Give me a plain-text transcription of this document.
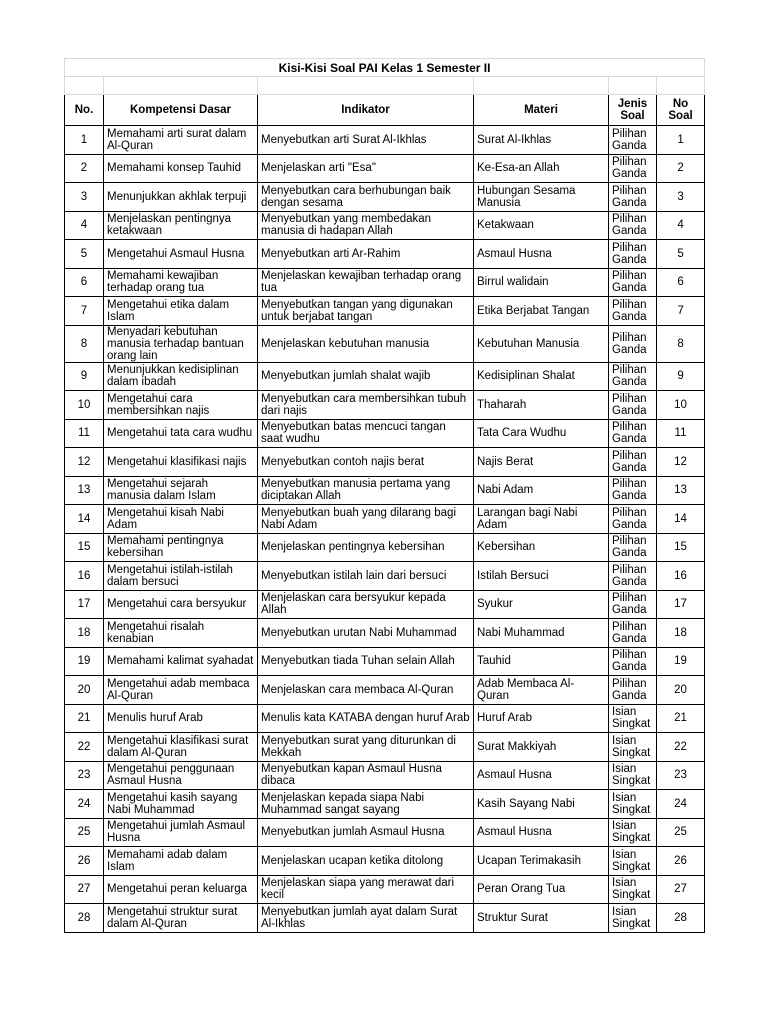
Kisi-Kisi Soal PAI Kelas 1 Semester II					

No.	Kompetensi Dasar	Indikator	Materi	Jenis Soal	No Soal
1	Memahami arti surat dalam Al-Quran	Menyebutkan arti Surat Al-Ikhlas	Surat Al-Ikhlas	Pilihan Ganda	1
2	Memahami konsep Tauhid	Menjelaskan arti "Esa"	Ke-Esa-an Allah	Pilihan Ganda	2
3	Menunjukkan akhlak terpuji	Menyebutkan cara berhubungan baik dengan sesama	Hubungan Sesama Manusia	Pilihan Ganda	3
4	Menjelaskan pentingnya ketakwaan	Menyebutkan yang membedakan manusia di hadapan Allah	Ketakwaan	Pilihan Ganda	4
5	Mengetahui Asmaul Husna	Menyebutkan arti Ar-Rahim	Asmaul Husna	Pilihan Ganda	5
6	Memahami kewajiban terhadap orang tua	Menjelaskan kewajiban terhadap orang tua	Birrul walidain	Pilihan Ganda	6
7	Mengetahui etika dalam Islam	Menyebutkan tangan yang digunakan untuk berjabat tangan	Etika Berjabat Tangan	Pilihan Ganda	7
8	Menyadari kebutuhan manusia terhadap bantuan orang lain	Menjelaskan kebutuhan manusia	Kebutuhan Manusia	Pilihan Ganda	8
9	Menunjukkan kedisiplinan dalam ibadah	Menyebutkan jumlah shalat wajib	Kedisiplinan Shalat	Pilihan Ganda	9
10	Mengetahui cara membersihkan najis	Menyebutkan cara membersihkan tubuh dari najis	Thaharah	Pilihan Ganda	10
11	Mengetahui tata cara wudhu	Menyebutkan batas mencuci tangan saat wudhu	Tata Cara Wudhu	Pilihan Ganda	11
12	Mengetahui klasifikasi najis	Menyebutkan contoh najis berat	Najis Berat	Pilihan Ganda	12
13	Mengetahui sejarah manusia dalam Islam	Menyebutkan manusia pertama yang diciptakan Allah	Nabi Adam	Pilihan Ganda	13
14	Mengetahui kisah Nabi Adam	Menyebutkan buah yang dilarang bagi Nabi Adam	Larangan bagi Nabi Adam	Pilihan Ganda	14
15	Memahami pentingnya kebersihan	Menjelaskan pentingnya kebersihan	Kebersihan	Pilihan Ganda	15
16	Mengetahui istilah-istilah dalam bersuci	Menyebutkan istilah lain dari bersuci	Istilah Bersuci	Pilihan Ganda	16
17	Mengetahui cara bersyukur	Menjelaskan cara bersyukur kepada Allah	Syukur	Pilihan Ganda	17
18	Mengetahui risalah kenabian	Menyebutkan urutan Nabi Muhammad	Nabi Muhammad	Pilihan Ganda	18
19	Memahami kalimat syahadat	Menyebutkan tiada Tuhan selain Allah	Tauhid	Pilihan Ganda	19
20	Mengetahui adab membaca Al-Quran	Menjelaskan cara membaca Al-Quran	Adab Membaca Al-Quran	Pilihan Ganda	20
21	Menulis huruf Arab	Menulis kata KATABA dengan huruf Arab	Huruf Arab	Isian Singkat	21
22	Mengetahui klasifikasi surat dalam Al-Quran	Menyebutkan surat yang diturunkan di Mekkah	Surat Makkiyah	Isian Singkat	22
23	Mengetahui penggunaan Asmaul Husna	Menyebutkan kapan Asmaul Husna dibaca	Asmaul Husna	Isian Singkat	23
24	Mengetahui kasih sayang Nabi Muhammad	Menjelaskan kepada siapa Nabi Muhammad sangat sayang	Kasih Sayang Nabi	Isian Singkat	24
25	Mengetahui jumlah Asmaul Husna	Menyebutkan jumlah Asmaul Husna	Asmaul Husna	Isian Singkat	25
26	Memahami adab dalam Islam	Menjelaskan ucapan ketika ditolong	Ucapan Terimakasih	Isian Singkat	26
27	Mengetahui peran keluarga	Menjelaskan siapa yang merawat dari kecil	Peran Orang Tua	Isian Singkat	27
28	Mengetahui struktur surat dalam Al-Quran	Menyebutkan jumlah ayat dalam Surat Al-Ikhlas	Struktur Surat	Isian Singkat	28
